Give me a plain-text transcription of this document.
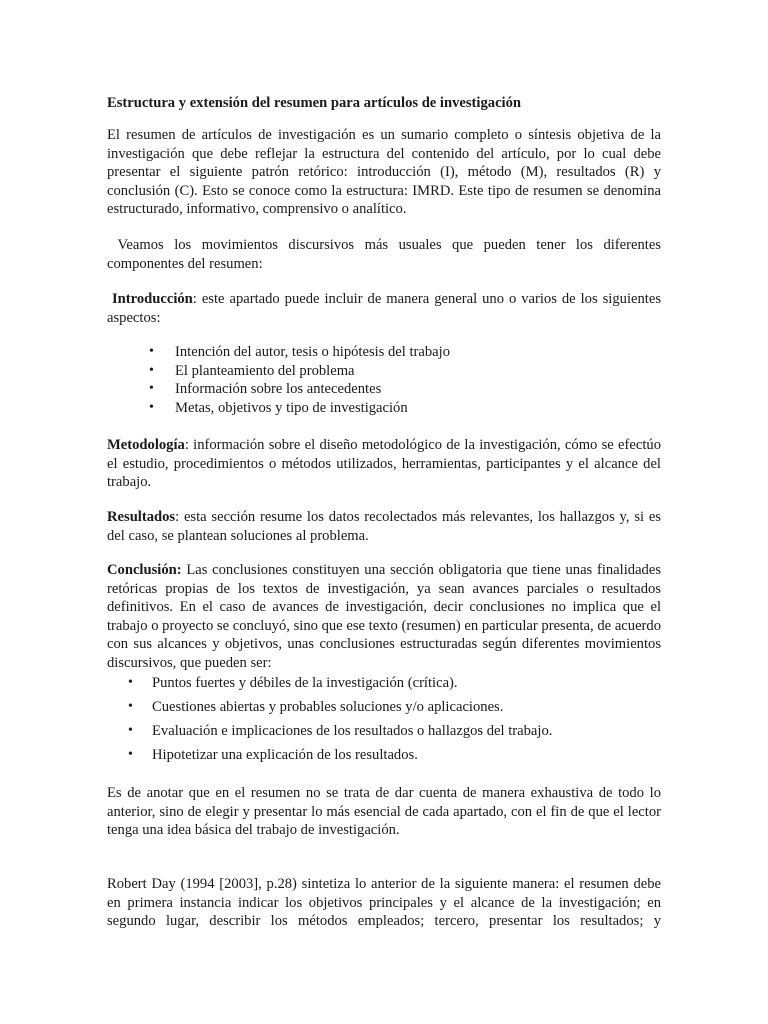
Estructura y extensión del resumen para artículos de investigación

El resumen de artículos de investigación es un sumario completo o síntesis objetiva de la investigación que debe reflejar la estructura del contenido del artículo, por lo cual debe presentar el siguiente patrón retórico: introducción (I), método (M), resultados (R) y conclusión (C). Esto se conoce como la estructura: IMRD. Este tipo de resumen se denomina estructurado, informativo, comprensivo o analítico.

Veamos los movimientos discursivos más usuales que pueden tener los diferentes componentes del resumen:

Introducción: este apartado puede incluir de manera general uno o varios de los siguientes aspectos:

• Intención del autor, tesis o hipótesis del trabajo
• El planteamiento del problema
• Información sobre los antecedentes
• Metas, objetivos y tipo de investigación

Metodología: información sobre el diseño metodológico de la investigación, cómo se efectúo el estudio, procedimientos o métodos utilizados, herramientas, participantes y el alcance del trabajo.

Resultados: esta sección resume los datos recolectados más relevantes, los hallazgos y, si es del caso, se plantean soluciones al problema.

Conclusión: Las conclusiones constituyen una sección obligatoria que tiene unas finalidades retóricas propias de los textos de investigación, ya sean avances parciales o resultados definitivos. En el caso de avances de investigación, decir conclusiones no implica que el trabajo o proyecto se concluyó, sino que ese texto (resumen) en particular presenta, de acuerdo con sus alcances y objetivos, unas conclusiones estructuradas según diferentes movimientos discursivos, que pueden ser:

• Puntos fuertes y débiles de la investigación (crítica).
• Cuestiones abiertas y probables soluciones y/o aplicaciones.
• Evaluación e implicaciones de los resultados o hallazgos del trabajo.
• Hipotetizar una explicación de los resultados.

Es de anotar que en el resumen no se trata de dar cuenta de manera exhaustiva de todo lo anterior, sino de elegir y presentar lo más esencial de cada apartado, con el fin de que el lector tenga una idea básica del trabajo de investigación.

Robert Day (1994 [2003], p.28) sintetiza lo anterior de la siguiente manera: el resumen debe en primera instancia indicar los objetivos principales y el alcance de la investigación; en segundo lugar, describir los métodos empleados; tercero, presentar los resultados; y
